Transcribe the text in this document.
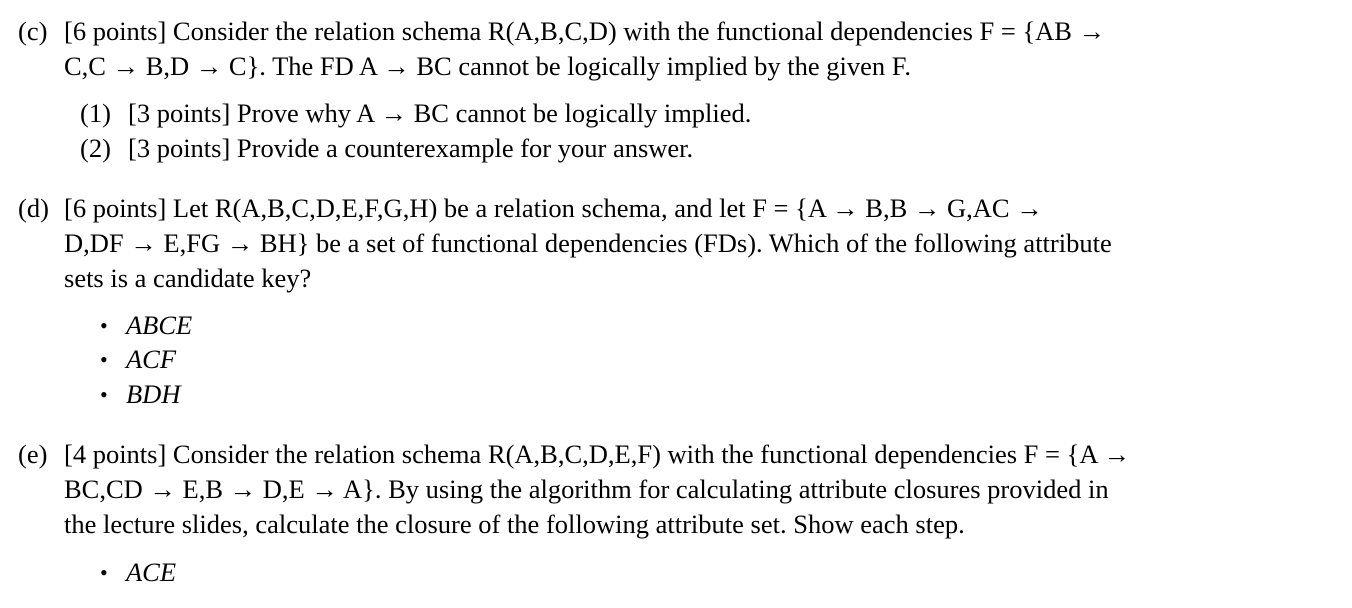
(c) [6 points] Consider the relation schema R(A,B,C,D) with the functional dependencies F = {AB →
C,C → B,D → C}. The FD A → BC cannot be logically implied by the given F.
(1) [3 points] Prove why A → BC cannot be logically implied.
(2) [3 points] Provide a counterexample for your answer.
(d) [6 points] Let R(A,B,C,D,E,F,G,H) be a relation schema, and let F = {A → B,B → G,AC →
D,DF → E,FG → BH} be a set of functional dependencies (FDs). Which of the following attribute
sets is a candidate key?
• ABCE
• ACF
• BDH
(e) [4 points] Consider the relation schema R(A,B,C,D,E,F) with the functional dependencies F = {A →
BC,CD → E,B → D,E → A}. By using the algorithm for calculating attribute closures provided in
the lecture slides, calculate the closure of the following attribute set. Show each step.
• ACE
